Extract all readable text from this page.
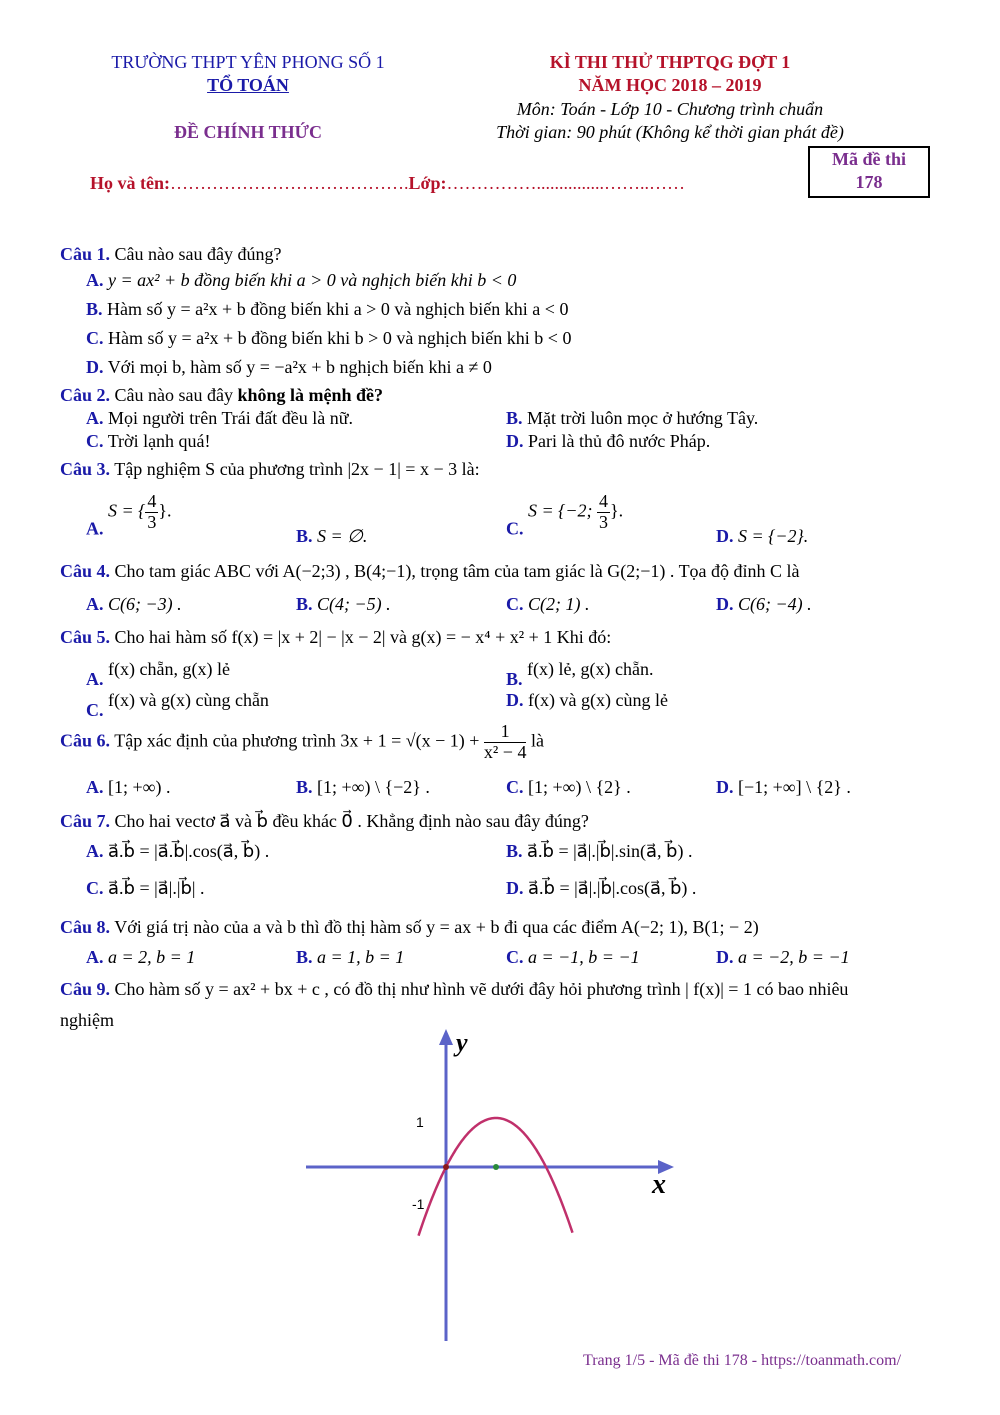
TRƯỜNG THPT YÊN PHONG SỐ 1
TỔ TOÁN
ĐỀ CHÍNH THỨC
KÌ THI THỬ THPTQG ĐỢT 1
NĂM HỌC 2018 – 2019
Môn: Toán - Lớp 10 - Chương trình chuẩn
Thời gian: 90 phút (Không kể thời gian phát đề)
Mã đề thi
178
Họ và tên:………………………………….Lớp:……………...............……..……
Câu 1. Câu nào sau đây đúng?
A. y = ax² + b đồng biến khi a > 0 và nghịch biến khi b < 0
B. Hàm số y = a²x + b đồng biến khi a > 0 và nghịch biến khi a < 0
C. Hàm số y = a²x + b đồng biến khi b > 0 và nghịch biến khi b < 0
D. Với mọi b, hàm số y = −a²x + b nghịch biến khi a ≠ 0
Câu 2. Câu nào sau đây không là mệnh đề?
A. Mọi người trên Trái đất đều là nữ.	B. Mặt trời luôn mọc ở hướng Tây.
C. Trời lạnh quá!	D. Pari là thủ đô nước Pháp.
Câu 3. Tập nghiệm S của phương trình |2x − 1| = x − 3 là:
A. S = { $\frac{4}{3}$ }.
B. S = ∅.	C. S = {−2; $\frac{4}{3}$ }.
D. S = {−2}.
Câu 4. Cho tam giác ABC với A(−2;3) , B(4;−1), trọng tâm của tam giác là G(2;−1) . Tọa độ đỉnh C là
A. C(6; −3) .	B. C(4; −5) .	C. C(2; 1) .	D. C(6; −4) .
Câu 5. Cho hai hàm số f(x) = |x + 2| − |x − 2| và g(x) = − x⁴ + x² + 1 Khi đó:
A. f(x) chẵn, g(x) lẻ	B. f(x) lẻ, g(x) chẵn.
C. f(x) và g(x) cùng chẵn	D. f(x) và g(x) cùng lẻ
Câu 6. Tập xác định của phương trình $3x + 1 = √(x - 1) + \frac{1}{\text{x² − 4}}$ là
A. [1; +∞) .	B. [1; +∞) \ {−2} .	C. [1; +∞) \ {2} .	D. [−1; +∞] \ {2} .
Câu 7. Cho hai vectơ a⃗ và b⃗ đều khác 0⃗ . Khẳng định nào sau đây đúng?
A. a⃗.b⃗ = |a⃗.b⃗|.cos(a⃗, b⃗) .	B. a⃗.b⃗ = |a⃗|.|b⃗|.sin(a⃗, b⃗) .
C. a⃗.b⃗ = |a⃗|.|b⃗| .	D. a⃗.b⃗ = |a⃗|.|b⃗|.cos(a⃗, b⃗) .
Câu 8. Với giá trị nào của a và b thì đồ thị hàm số y = ax + b đi qua các điểm A(−2; 1), B(1; − 2)
A. a = 2, b = 1	B. a = 1, b = 1	C. a = −1, b = −1	D. a = −2, b = −1
Câu 9. Cho hàm số y = ax² + bx + c , có đồ thị như hình vẽ dưới đây hỏi phương trình | f(x)| = 1 có bao nhiêu
nghiệm
y
x
1
-1
Trang 1/5 - Mã đề thi 178 - https://toanmath.com/
